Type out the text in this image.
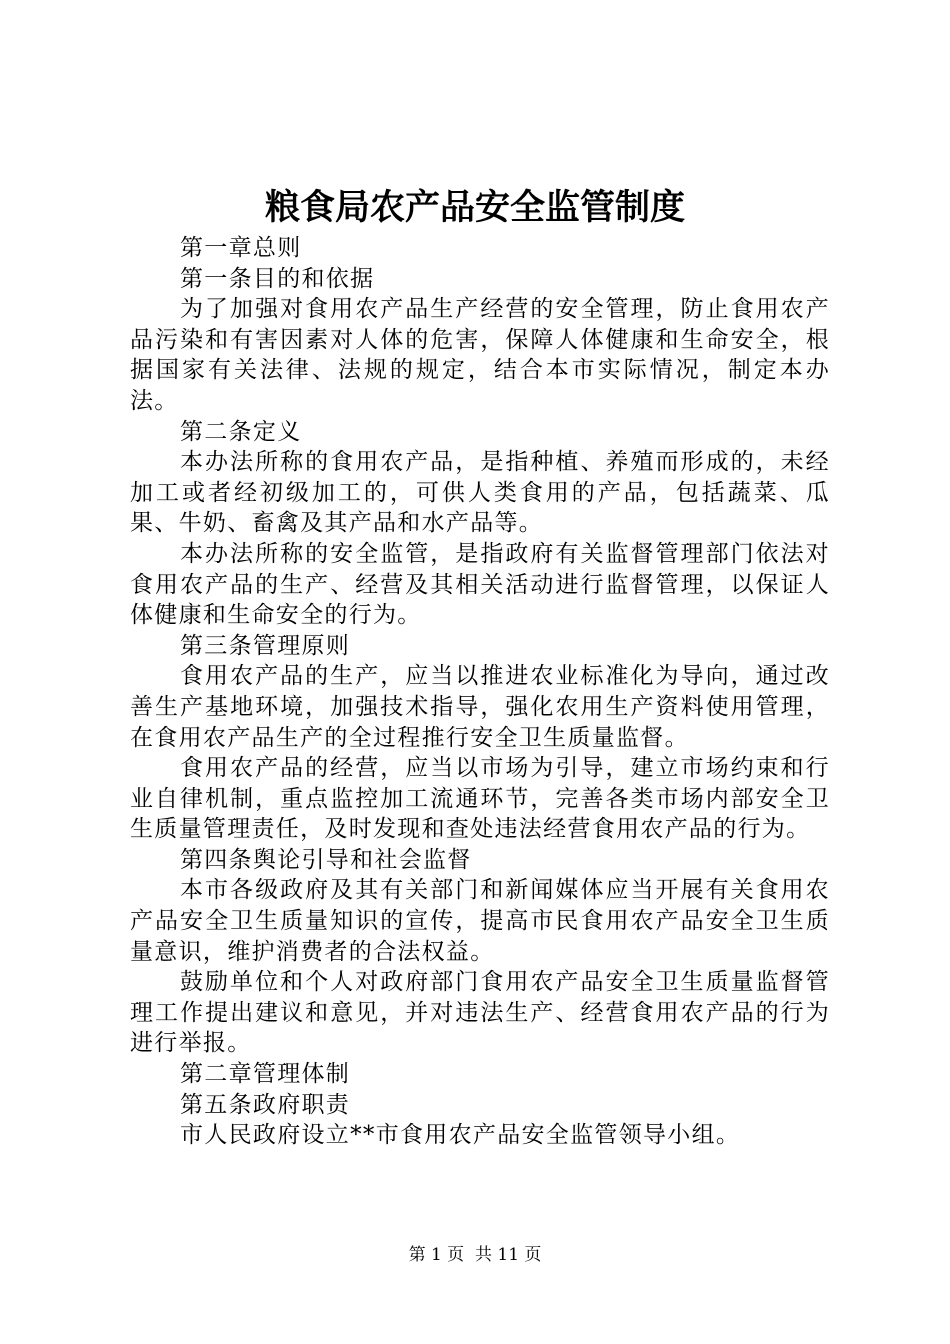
粮食局农产品安全监管制度

第一章总则

第一条目的和依据

为了加强对食用农产品生产经营的安全管理，防止食用农产品污染和有害因素对人体的危害，保障人体健康和生命安全，根据国家有关法律、法规的规定，结合本市实际情况，制定本办法。

第二条定义

本办法所称的食用农产品，是指种植、养殖而形成的，未经加工或者经初级加工的，可供人类食用的产品，包括蔬菜、瓜果、牛奶、畜禽及其产品和水产品等。

本办法所称的安全监管，是指政府有关监督管理部门依法对食用农产品的生产、经营及其相关活动进行监督管理，以保证人体健康和生命安全的行为。

第三条管理原则

食用农产品的生产，应当以推进农业标准化为导向，通过改善生产基地环境，加强技术指导，强化农用生产资料使用管理，在食用农产品生产的全过程推行安全卫生质量监督。

食用农产品的经营，应当以市场为引导，建立市场约束和行业自律机制，重点监控加工流通环节，完善各类市场内部安全卫生质量管理责任，及时发现和查处违法经营食用农产品的行为。

第四条舆论引导和社会监督

本市各级政府及其有关部门和新闻媒体应当开展有关食用农产品安全卫生质量知识的宣传，提高市民食用农产品安全卫生质量意识，维护消费者的合法权益。

鼓励单位和个人对政府部门食用农产品安全卫生质量监督管理工作提出建议和意见，并对违法生产、经营食用农产品的行为进行举报。

第二章管理体制

第五条政府职责

市人民政府设立**市食用农产品安全监管领导小组。

第 1 页  共 11 页
